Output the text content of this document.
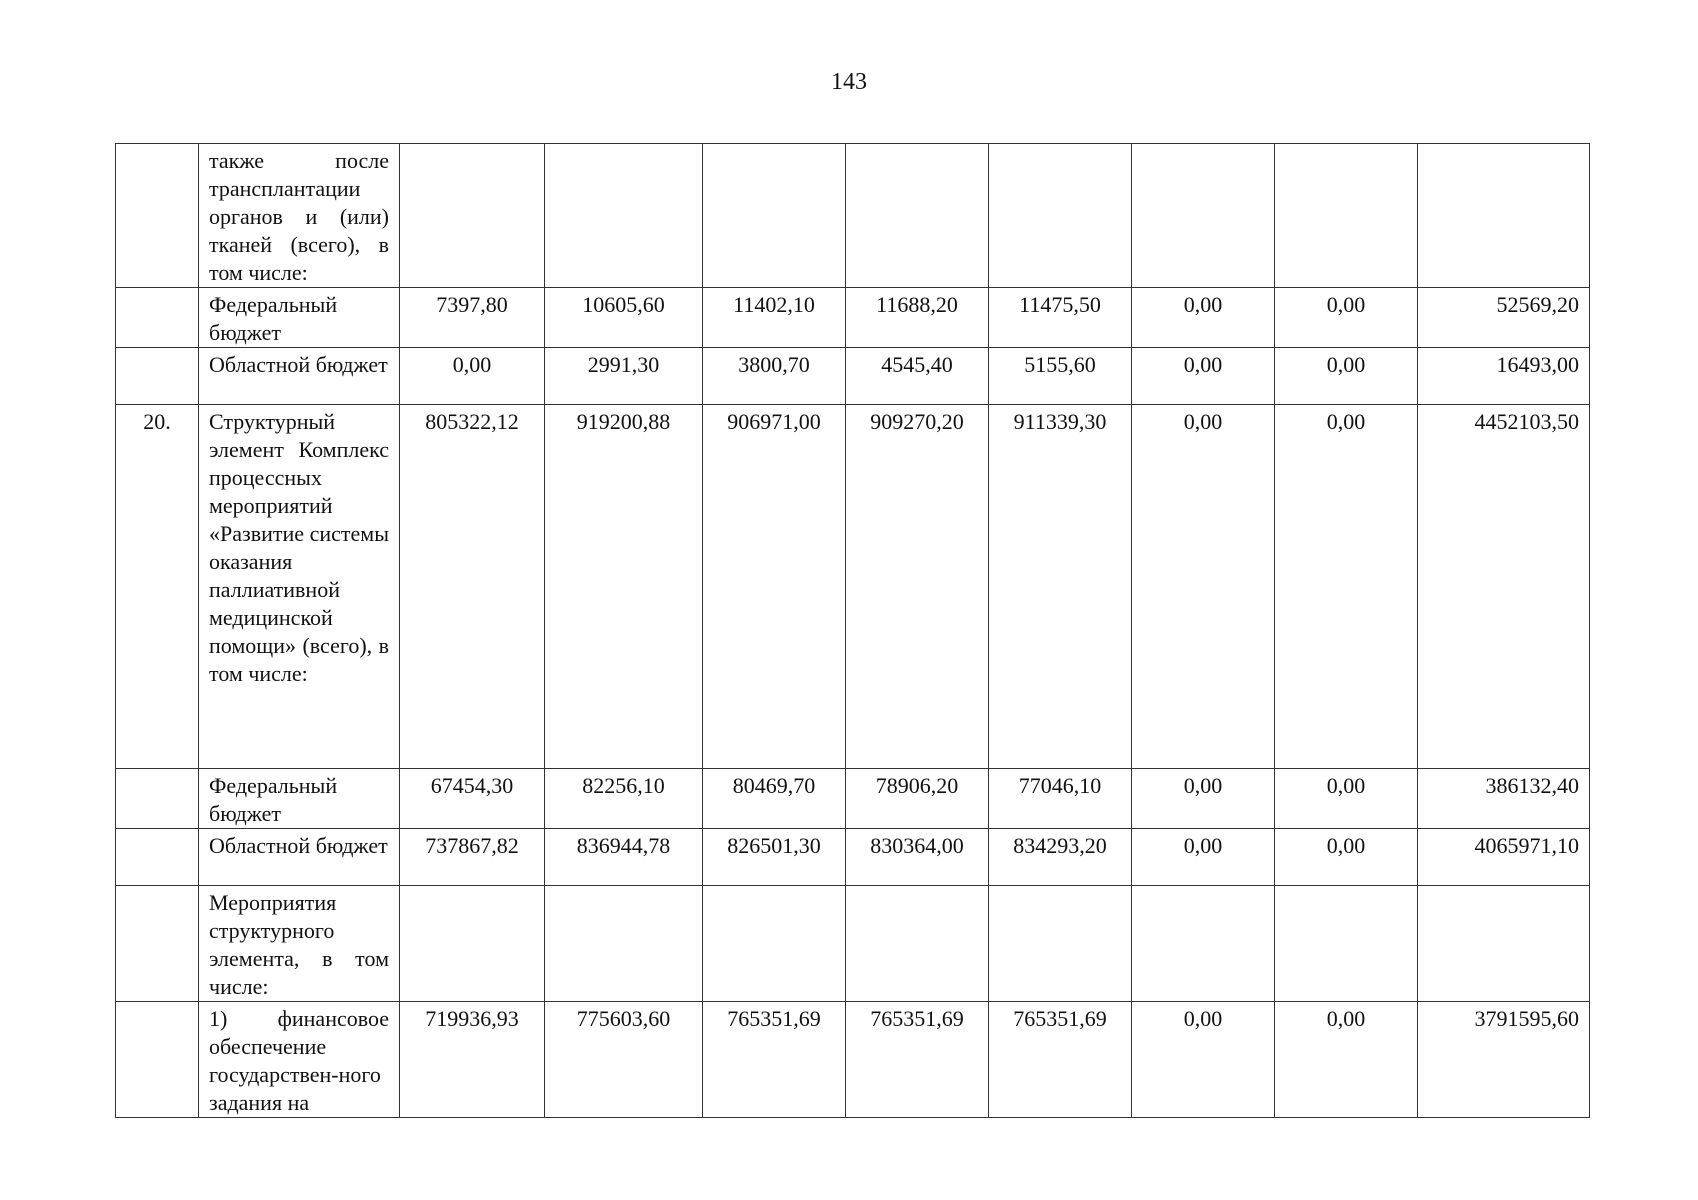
143
	также после трансплантации органов и (или) тканей (всего), в том числе:								
	Федеральный бюджет	7397,80	10605,60	11402,10	11688,20	11475,50	0,00	0,00	52569,20
	Областной бюджет	0,00	2991,30	3800,70	4545,40	5155,60	0,00	0,00	16493,00
20.	Структурный элемент Комплекс процессных мероприятий «Развитие системы оказания паллиативной медицинской помощи» (всего), в том числе:	805322,12	919200,88	906971,00	909270,20	911339,30	0,00	0,00	4452103,50
	Федеральный бюджет	67454,30	82256,10	80469,70	78906,20	77046,10	0,00	0,00	386132,40
	Областной бюджет	737867,82	836944,78	826501,30	830364,00	834293,20	0,00	0,00	4065971,10
	Мероприятия структурного элемента, в том числе:								
	1) финансовое обеспечение государствен-ного задания на	719936,93	775603,60	765351,69	765351,69	765351,69	0,00	0,00	3791595,60
